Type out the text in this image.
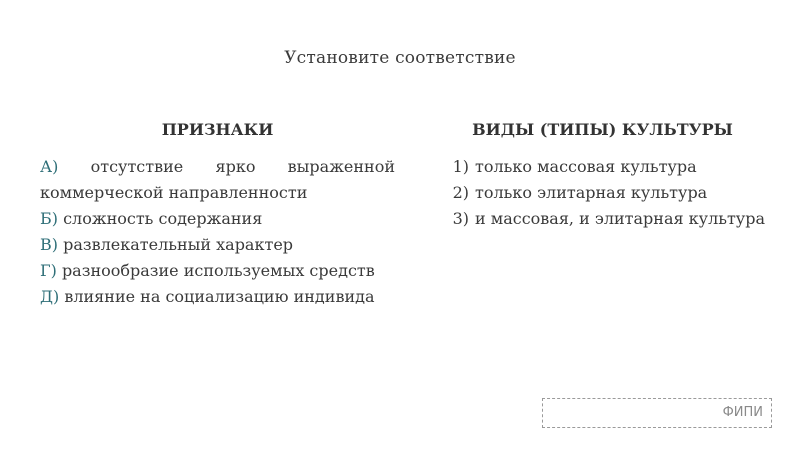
Установите соответствие
ПРИЗНАКИ	ВИДЫ (ТИПЫ) КУЛЬТУРЫ
А) отсутствие ярко выраженной коммерческой направленности
Б) сложность содержания
В) развлекательный характер
Г) разнообразие используемых средств
Д) влияние на социализацию индивида
1) только массовая культура
2) только элитарная культура
3) и массовая, и элитарная культура
ФИПИ
